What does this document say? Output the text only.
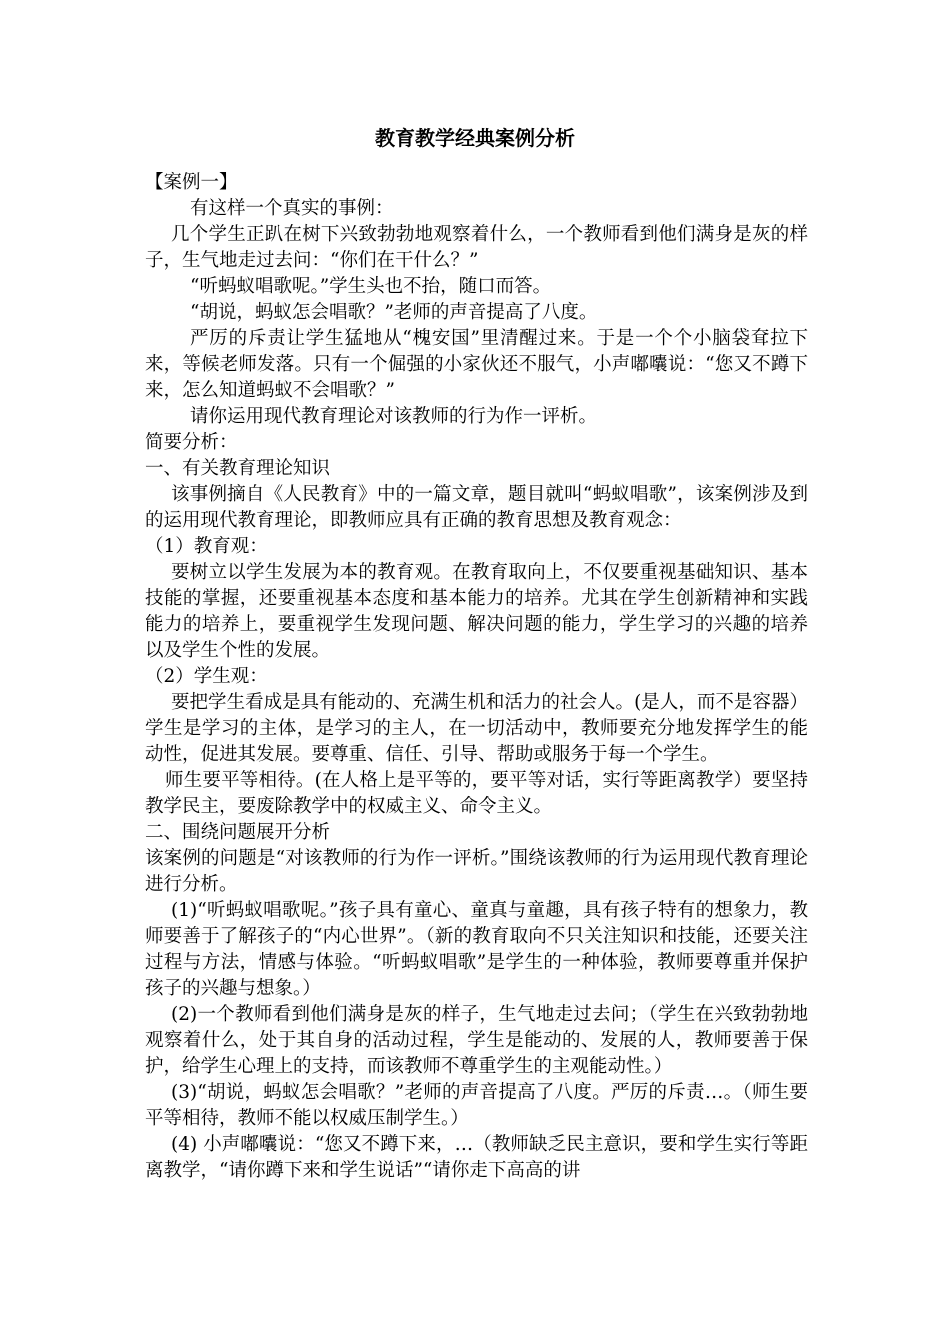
教育教学经典案例分析

【案例一】

有这样一个真实的事例：

几个学生正趴在树下兴致勃勃地观察着什么，一个教师看到他们满身是灰的样子，生气地走过去问：“你们在干什么？”

“听蚂蚁唱歌呢。”学生头也不抬，随口而答。

“胡说，蚂蚁怎会唱歌？”老师的声音提高了八度。

严厉的斥责让学生猛地从“槐安国”里清醒过来。于是一个个小脑袋耷拉下来，等候老师发落。只有一个倔强的小家伙还不服气，小声嘟囔说：“您又不蹲下来，怎么知道蚂蚁不会唱歌？”

请你运用现代教育理论对该教师的行为作一评析。

简要分析：

一、有关教育理论知识

该事例摘自《人民教育》中的一篇文章，题目就叫“蚂蚁唱歌”，该案例涉及到的运用现代教育理论，即教师应具有正确的教育思想及教育观念：

（1）教育观：

要树立以学生发展为本的教育观。在教育取向上，不仅要重视基础知识、基本技能的掌握，还要重视基本态度和基本能力的培养。尤其在学生创新精神和实践能力的培养上，要重视学生发现问题、解决问题的能力，学生学习的兴趣的培养以及学生个性的发展。

（2）学生观：

要把学生看成是具有能动的、充满生机和活力的社会人。(是人，而不是容器）学生是学习的主体，是学习的主人，在一切活动中，教师要充分地发挥学生的能动性，促进其发展。要尊重、信任、引导、帮助或服务于每一个学生。

师生要平等相待。(在人格上是平等的，要平等对话，实行等距离教学）要坚持教学民主，要废除教学中的权威主义、命令主义。

二、围绕问题展开分析

该案例的问题是“对该教师的行为作一评析。”围绕该教师的行为运用现代教育理论进行分析。

(1)“听蚂蚁唱歌呢。”孩子具有童心、童真与童趣，具有孩子特有的想象力，教师要善于了解孩子的“内心世界”。（新的教育取向不只关注知识和技能，还要关注过程与方法，情感与体验。“听蚂蚁唱歌”是学生的一种体验，教师要尊重并保护孩子的兴趣与想象。）

(2)一个教师看到他们满身是灰的样子，生气地走过去问；（学生在兴致勃勃地观察着什么，处于其自身的活动过程，学生是能动的、发展的人，教师要善于保护，给学生心理上的支持，而该教师不尊重学生的主观能动性。）

(3)“胡说，蚂蚁怎会唱歌？”老师的声音提高了八度。严厉的斥责…。（师生要平等相待，教师不能以权威压制学生。）

(4) 小声嘟囔说：“您又不蹲下来，…（教师缺乏民主意识，要和学生实行等距离教学，“请你蹲下来和学生说话”“请你走下高高的讲
